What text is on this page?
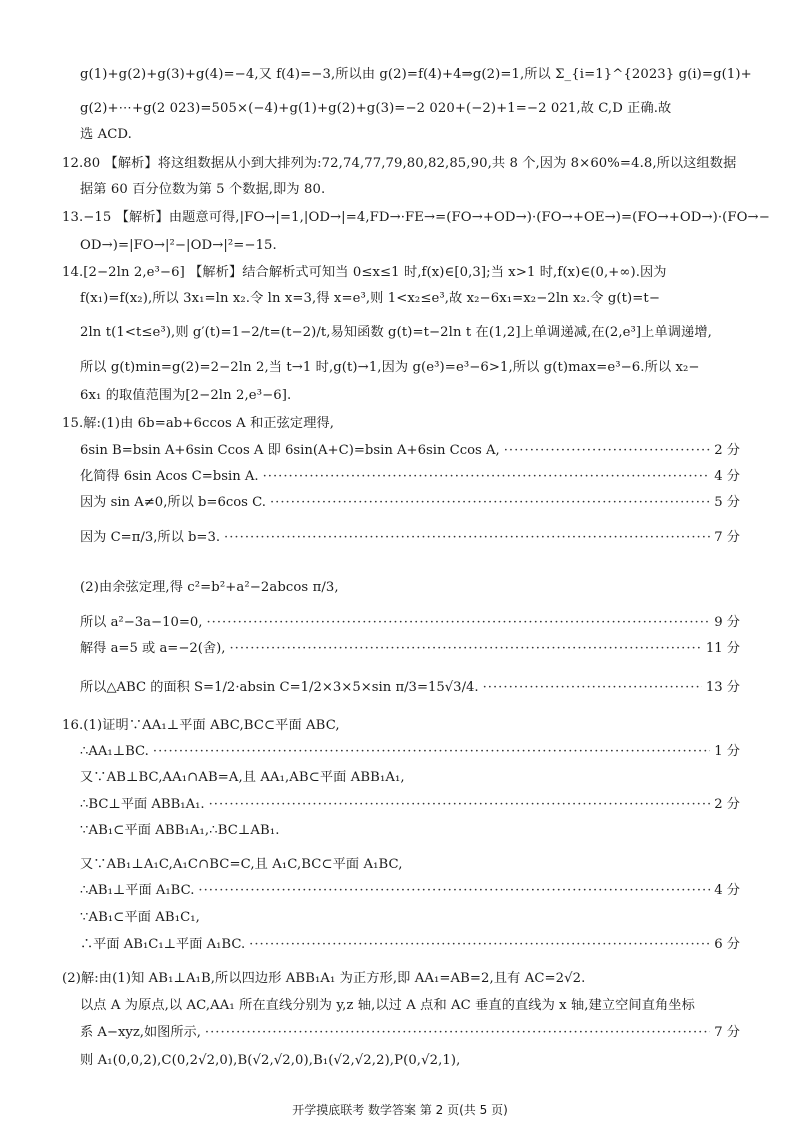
g(1)+g(2)+g(3)+g(4)=−4,又 f(4)=−3,所以由 g(2)=f(4)+4⇒g(2)=1,所以 Σ_{i=1}^{2023} g(i)=g(1)+
g(2)+⋯+g(2 023)=505×(−4)+g(1)+g(2)+g(3)=−2 020+(−2)+1=−2 021,故 C,D 正确.故
选 ACD.
12.80 【解析】将这组数据从小到大排列为:72,74,77,79,80,82,85,90,共 8 个,因为 8×60%=4.8,所以这组数据
据第 60 百分位数为第 5 个数据,即为 80.
13.−15 【解析】由题意可得,|FO→|=1,|OD→|=4,FD→·FE→=(FO→+OD→)·(FO→+OE→)=(FO→+OD→)·(FO→−
OD→)=|FO→|²−|OD→|²=−15.
14.[2−2ln 2,e³−6] 【解析】结合解析式可知当 0≤x≤1 时,f(x)∈[0,3];当 x>1 时,f(x)∈(0,+∞).因为
f(x₁)=f(x₂),所以 3x₁=ln x₂.令 ln x=3,得 x=e³,则 1<x₂≤e³,故 x₂−6x₁=x₂−2ln x₂.令 g(t)=t−
2ln t(1<t≤e³),则 g′(t)=1−2/t=(t−2)/t,易知函数 g(t)=t−2ln t 在(1,2]上单调递减,在(2,e³]上单调递增,
所以 g(t)min=g(2)=2−2ln 2,当 t→1 时,g(t)→1,因为 g(e³)=e³−6>1,所以 g(t)max=e³−6.所以 x₂−
6x₁ 的取值范围为[2−2ln 2,e³−6].
15.解:(1)由 6b=ab+6ccos A 和正弦定理得,
6sin B=bsin A+6sin Ccos A 即 6sin(A+C)=bsin A+6sin Ccos A, ·····	2 分
化简得 6sin Acos C=bsin A. ·····	4 分
因为 sin A≠0,所以 b=6cos C. ·····	5 分
因为 C=π/3,所以 b=3. ·····	7 分
(2)由余弦定理,得 c²=b²+a²−2abcos π/3,
所以 a²−3a−10=0, ·····	9 分
解得 a=5 或 a=−2(舍), ·····	11 分
所以△ABC 的面积 S=1/2·absin C=1/2×3×5×sin π/3=15√3/4. ·····	13 分
16.(1)证明∵AA₁⊥平面 ABC,BC⊂平面 ABC,
∴AA₁⊥BC. ·····	1 分
又∵AB⊥BC,AA₁∩AB=A,且 AA₁,AB⊂平面 ABB₁A₁,
∴BC⊥平面 ABB₁A₁. ·····	2 分
∵AB₁⊂平面 ABB₁A₁,∴BC⊥AB₁.
又∵AB₁⊥A₁C,A₁C∩BC=C,且 A₁C,BC⊂平面 A₁BC,
∴AB₁⊥平面 A₁BC. ·····	4 分
∵AB₁⊂平面 AB₁C₁,
∴平面 AB₁C₁⊥平面 A₁BC. ·····	6 分
(2)解:由(1)知 AB₁⊥A₁B,所以四边形 ABB₁A₁ 为正方形,即 AA₁=AB=2,且有 AC=2√2.
以点 A 为原点,以 AC,AA₁ 所在直线分别为 y,z 轴,以过 A 点和 AC 垂直的直线为 x 轴,建立空间直角坐标
系 A−xyz,如图所示, ·····	7 分
则 A₁(0,0,2),C(0,2√2,0),B(√2,√2,0),B₁(√2,√2,2),P(0,√2,1),
开学摸底联考 数学答案 第 2 页(共 5 页)
